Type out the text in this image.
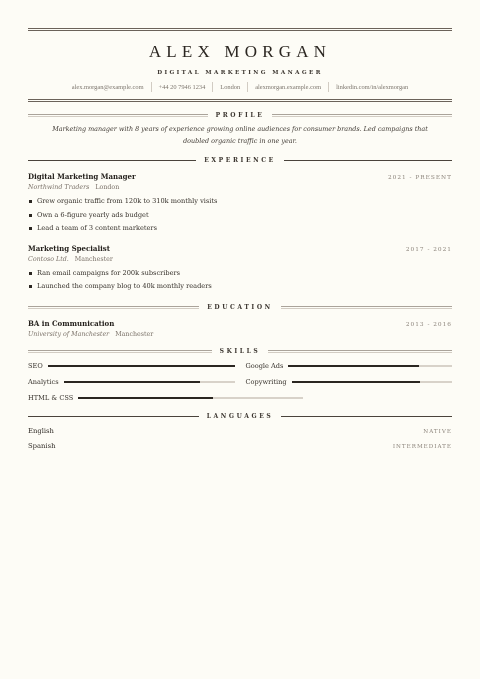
ALEX MORGAN
DIGITAL MARKETING MANAGER
alex.morgan@example.com +44 20 7946 1234 London alexmorgan.example.com linkedin.com/in/alexmorgan
PROFILE
Marketing manager with 8 years of experience growing online audiences for consumer brands. Led campaigns that doubled organic traffic in one year.
EXPERIENCE
Digital Marketing Manager	2021 - PRESENT
Northwind Traders London
Grew organic traffic from 120k to 310k monthly visits
Own a 6-figure yearly ads budget
Lead a team of 3 content marketers
Marketing Specialist	2017 - 2021
Contoso Ltd. Manchester
Ran email campaigns for 200k subscribers
Launched the company blog to 40k monthly readers
EDUCATION
BA in Communication	2013 - 2016
University of Manchester Manchester
SKILLS
SEO	Google Ads
Analytics	Copywriting
HTML & CSS
LANGUAGES
English	NATIVE
Spanish	INTERMEDIATE
